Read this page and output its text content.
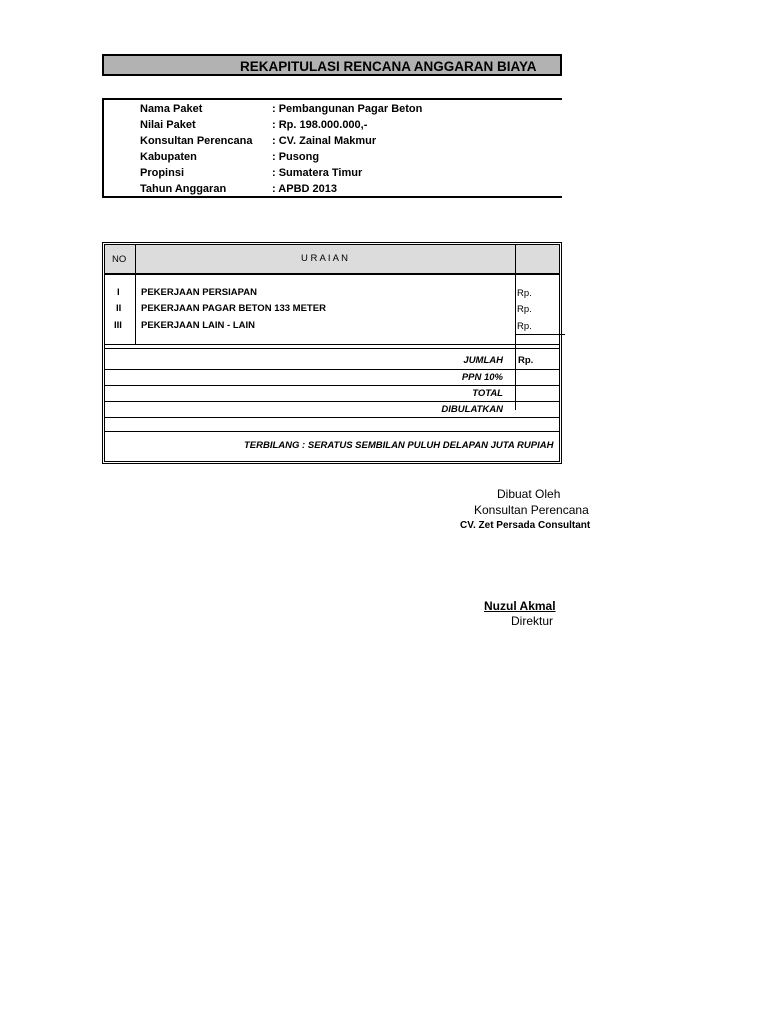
REKAPITULASI RENCANA ANGGARAN BIAYA
Nama Paket	: Pembangunan Pagar Beton
Nilai Paket	: Rp. 198.000.000,-
Konsultan Perencana : CV. Zainal Makmur
Kabupaten	: Pusong
Propinsi	: Sumatera Timur
Tahun Anggaran	: APBD 2013
NO	U R A I A N
I PEKERJAAN PERSIAPAN	Rp.
II PEKERJAAN PAGAR BETON 133 METER	Rp.
III PEKERJAAN LAIN - LAIN	Rp.
JUMLAH Rp.
PPN 10%
TOTAL
DIBULATKAN
TERBILANG : SERATUS SEMBILAN PULUH DELAPAN JUTA RUPIAH
Dibuat Oleh
Konsultan Perencana
CV. Zet Persada Consultant
Nuzul Akmal
Direktur
